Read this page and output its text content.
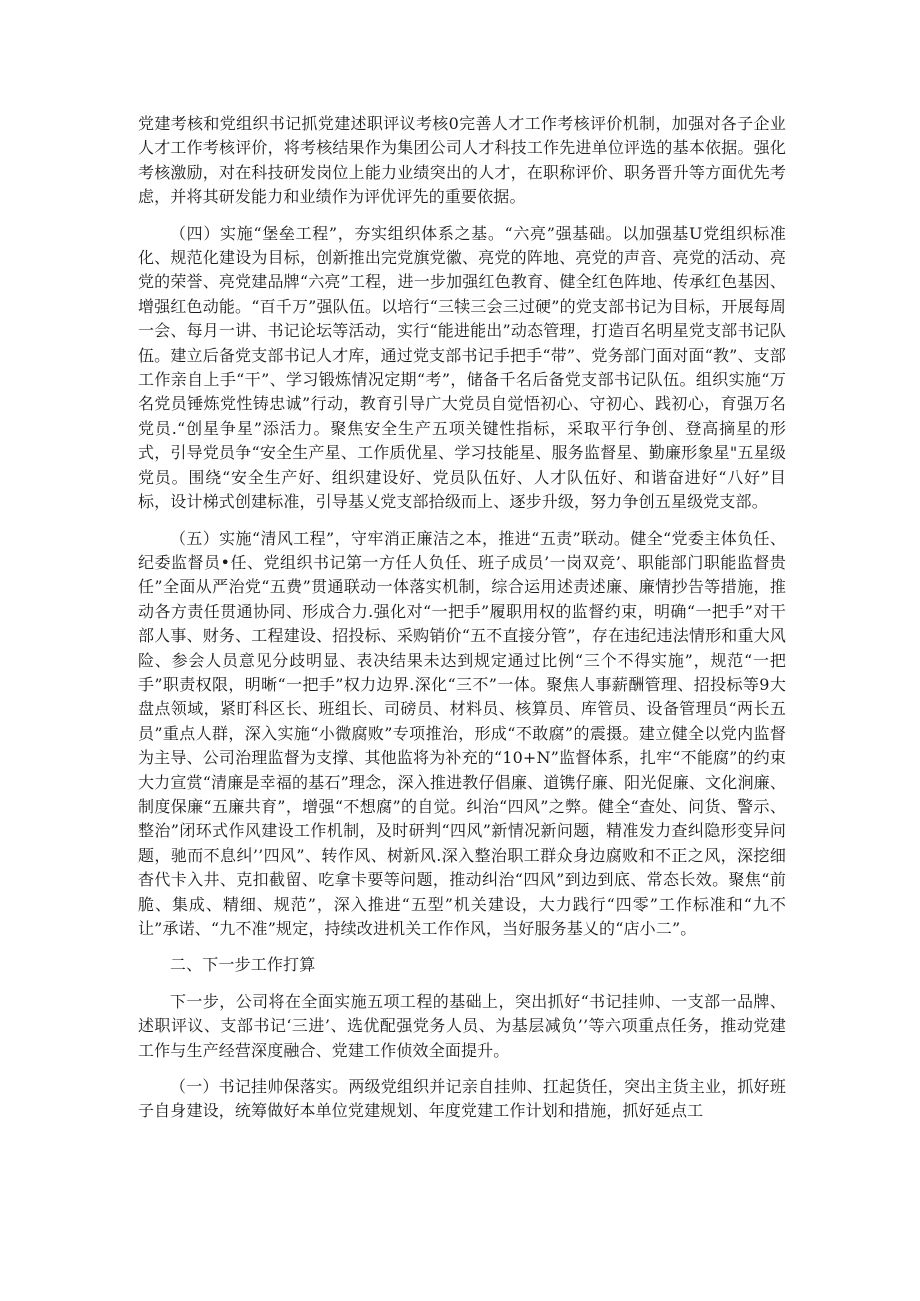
党建考核和党组织书记抓党建述职评议考核0完善人才工作考核评价机制，加强对各子企业人才工作考核评价，将考核结果作为集团公司人才科技工作先进单位评选的基本依据。强化考核激励，对在科技研发岗位上能力业绩突出的人才，在职称评价、职务晋升等方面优先考虑，并将其研发能力和业绩作为评优评先的重要依据。

（四）实施“堡垒工程”，夯实组织体系之基。“六亮”强基础。以加强基U党组织标准化、规范化建设为目标，创新推出完党旗党徽、亮党的阵地、亮党的声音、亮党的活动、亮党的荣誉、亮党建品牌“六亮”工程，进一步加强红色教育、健全红色阵地、传承红色基因、增强红色动能。“百千万”强队伍。以培行“三犊三会三过硬”的党支部书记为目标，开展每周一会、每月一讲、书记论坛等活动，实行“能进能出”动态管理，打造百名明星党支部书记队伍。建立后备党支部书记人才库，通过党支部书记手把手“带”、党务部门面对面“教”、支部工作亲自上手“干”、学习锻炼情况定期“考”，储备千名后备党支部书记队伍。组织实施“万名党员锤炼党性铸忠诚”行动，教育引导广大党员自觉悟初心、守初心、践初心，育强万名党员.“创星争星”添活力。聚焦安全生产五项关键性指标，采取平行争创、登高摘星的形式，引导党员争“安全生产星、工作质优星、学习技能星、服务监督星、勤廉形象星"五星级党员。围绕“安全生产好、组织建设好、党员队伍好、人才队伍好、和谐奋进好“八好”目标，设计梯式创建标准，引导基乂党支部拾级而上、逐步升级，努力争创五星级党支部。

（五）实施“清风工程”，守牢消正廉洁之本，推进“五责”联动。健全“党委主体负任、纪委监督员•任、党组织书记第一方任人负任、班子成员’一岗双竞’、职能部门职能监督贵任”全面从严治党“五费”贯通联动一体落实机制，综合运用述责述廉、廉情抄告等措施，推动各方责任贯通协同、形成合力.强化对“一把手”履职用权的监督约束，明确“一把手”对干部人事、财务、工程建设、招投标、采购销价“五不直接分管”，存在违纪违法情形和重大风险、参会人员意见分歧明显、表决结果未达到规定通过比例“三个不得实施”，规范“一把手”职责权限，明晰“一把手”权力边界.深化“三不”一体。聚焦人事薪酬管理、招投标等9大盘点领域，紧盯科区长、班组长、司磅员、材料员、核算员、库管员、设备管理员“两长五员”重点人群，深入实施“小微腐败”专项推治，形成“不敢腐”的震摄。建立健全以党内监督为主导、公司治理监督为支撑、其他监将为补充的“10+N”监督体系，扎牢“不能腐”的约束大力宣赏“清廉是幸福的基石”理念，深入推进教仔倡廉、道镌仔廉、阳光促廉、文化涧廉、制度保廉“五廉共育”，增强“不想腐”的自觉。纠治“四风”之弊。健全“查处、问货、警示、整治”闭环式作风建设工作机制，及时研判“四风”新情况新问题，精准发力查纠隐形变异问题，驰而不息纠’’四风”、转作风、树新风.深入整治职工群众身边腐败和不正之风，深挖细杳代卡入井、克扣截留、吃拿卡要等问题，推动纠治“四风”到边到底、常态长效。聚焦“前脆、集成、精细、规范”，深入推进“五型”机关建设，大力践行“四零”工作标准和“九不让”承诺、“九不准”规定，持续改进机关工作作风，当好服务基乂的“店小二”。

二、下一步工作打算

下一步，公司将在全面实施五项工程的基础上，突出抓好“书记挂帅、一支部一品牌、述职评议、支部书记‘三进’、选优配强党务人员、为基层减负’’等六项重点任务，推动党建工作与生产经营深度融合、党建工作侦效全面提升。

（一）书记挂帅保落实。两级党组织并记亲自挂帅、扛起货任，突出主货主业，抓好班子自身建设，统筹做好本单位党建规划、年度党建工作计划和措施，抓好延点工
